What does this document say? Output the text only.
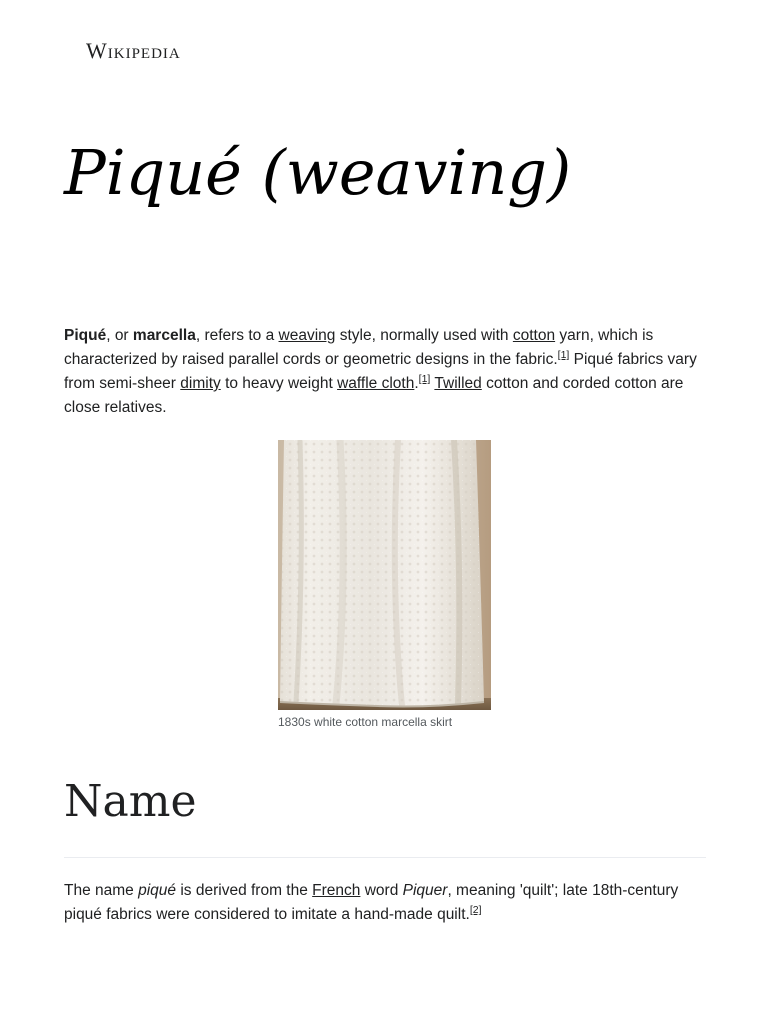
Wikipedia
Piqué (weaving)

Piqué, or marcella, refers to a weaving style, normally used with cotton yarn, which is characterized by raised parallel cords or geometric designs in the fabric.[1] Piqué fabrics vary from semi-sheer dimity to heavy weight waffle cloth.[1] Twilled cotton and corded cotton are close relatives.

1830s white cotton marcella skirt
Name

The name piqué is derived from the French word Piquer, meaning 'quilt'; late 18th-century piqué fabrics were considered to imitate a hand-made quilt.[2]
